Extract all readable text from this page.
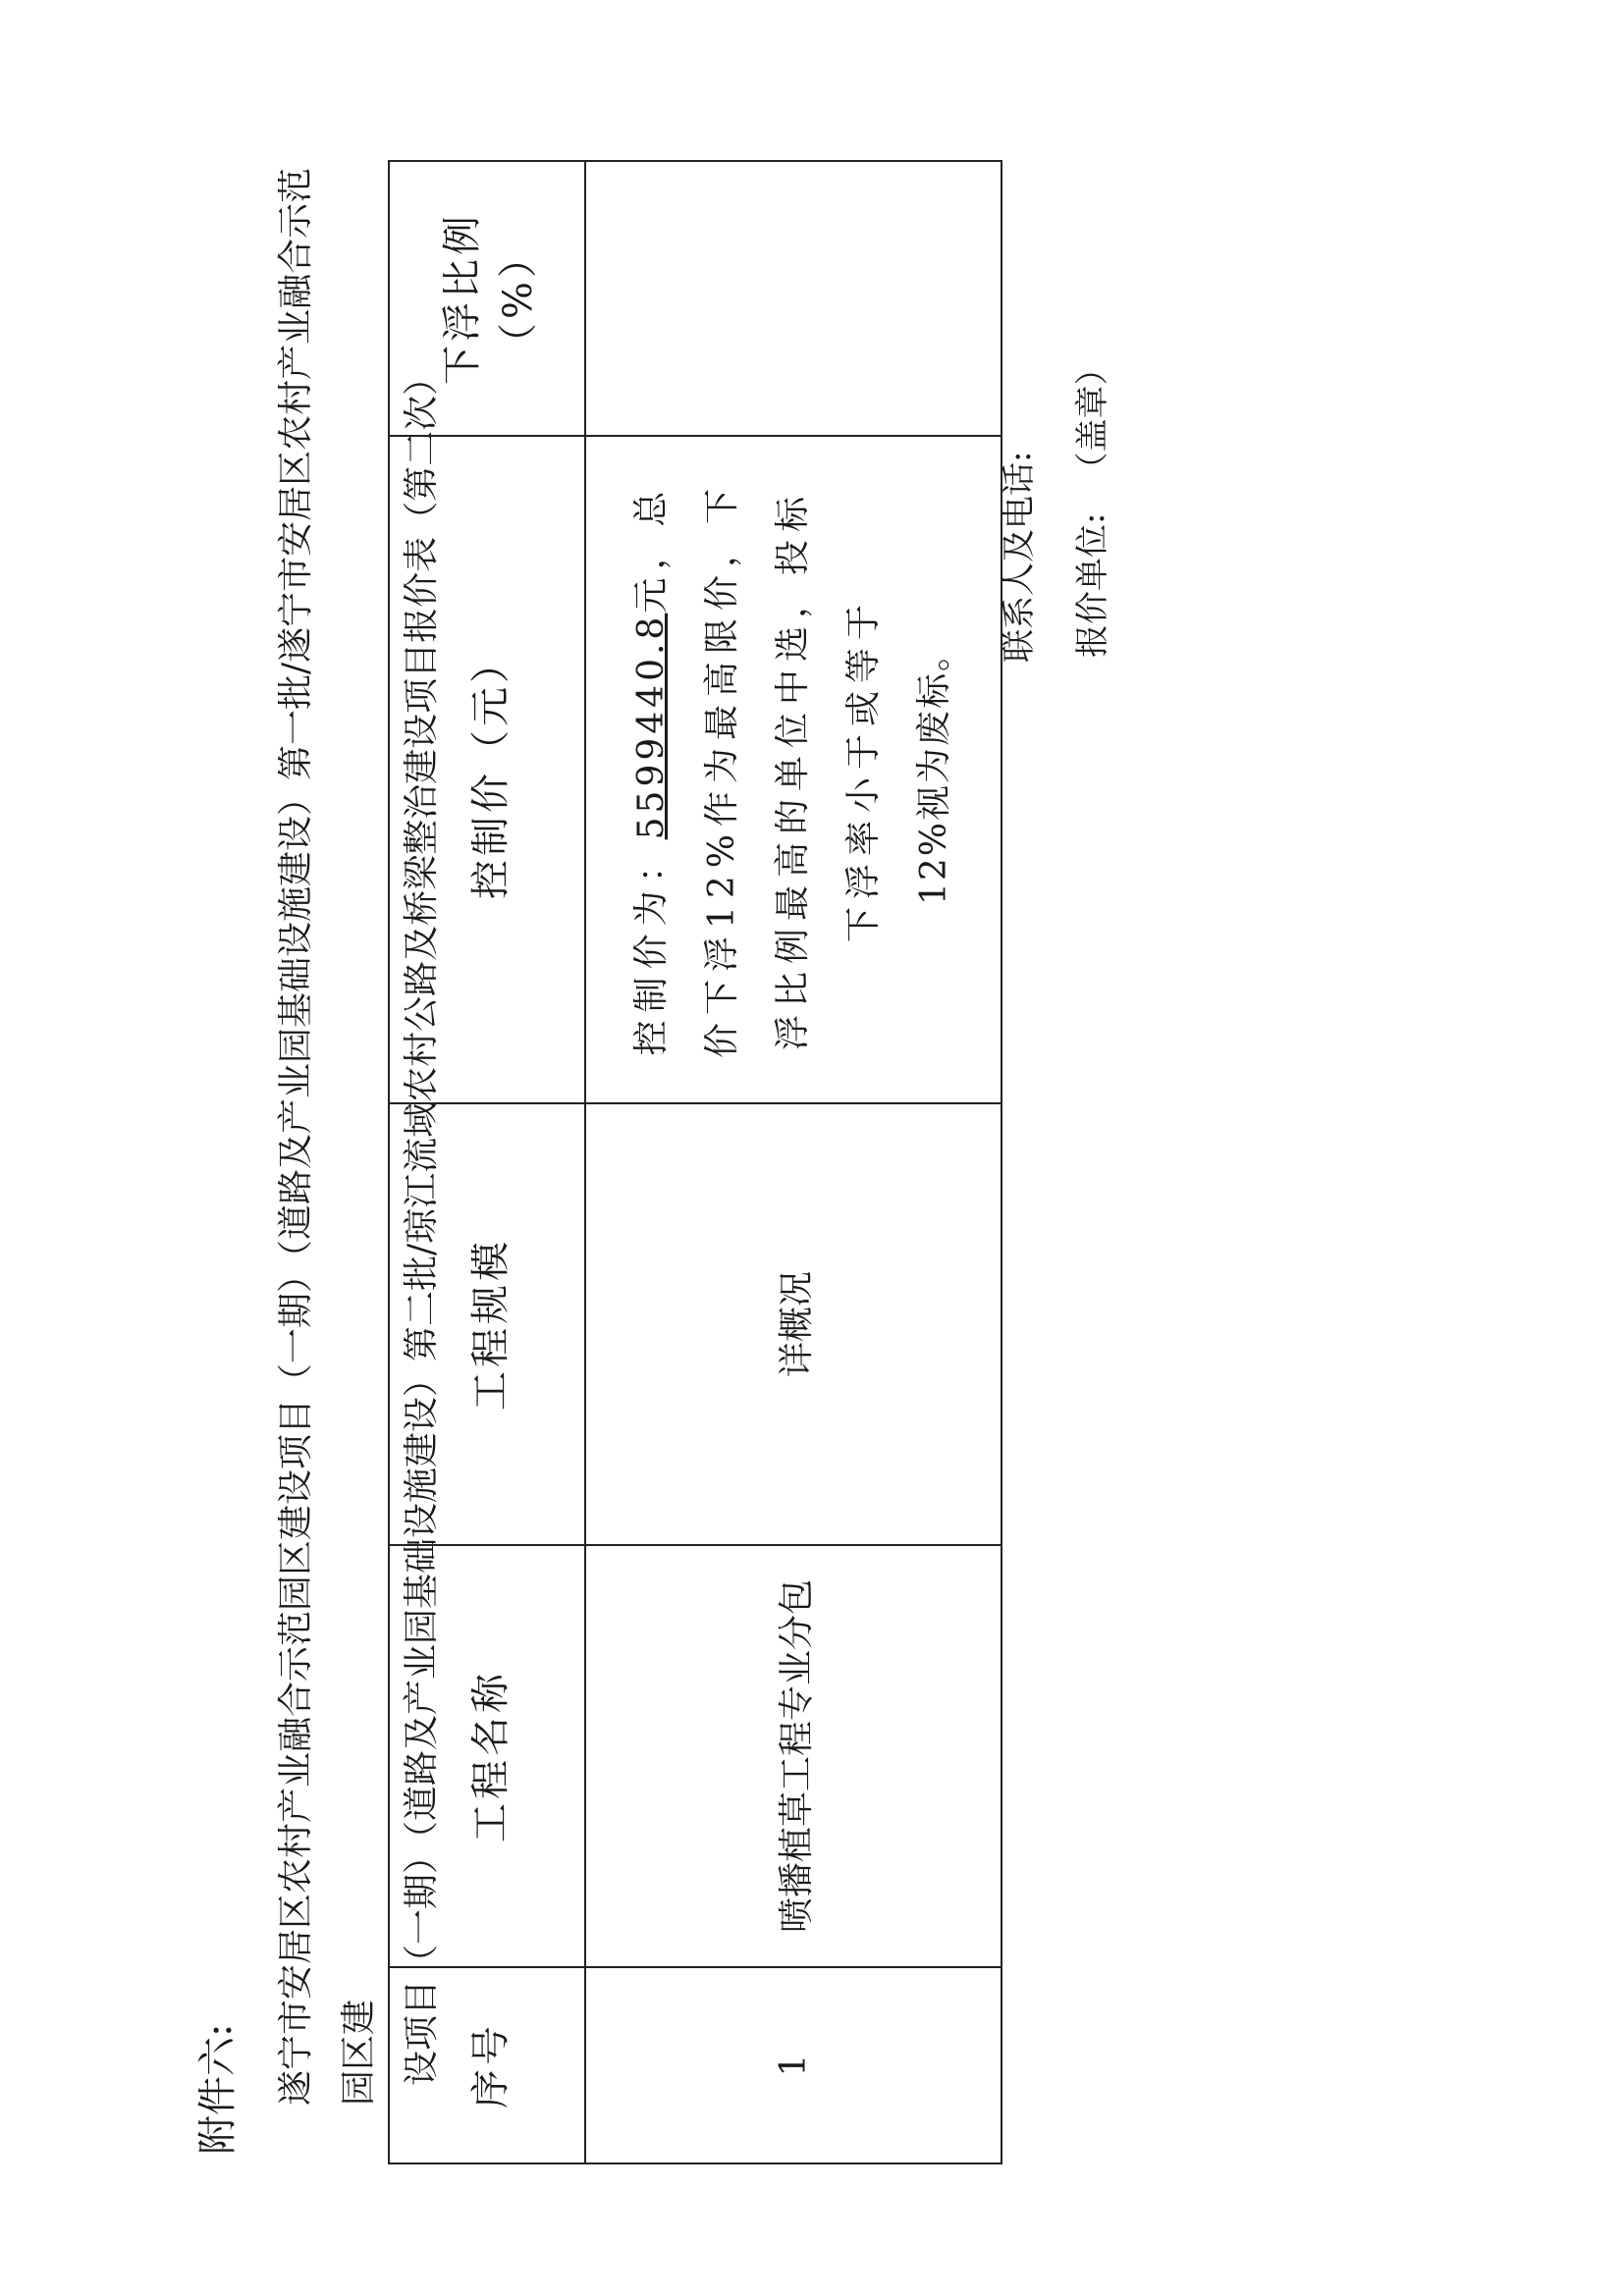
附件六:	遂宁市安居区农村产业融合示范园区建设项目（一期）（道路及产业园基础设施建设）第一批/遂宁市安居区农村产业融合示范园区建 设项目（一期）（道路及产业园基础设施建设）第二批/琼江流域农村公路及桥梁整治建设项目报价表（第二次） 序号	工程名称	工程规模	控制价（元）	下浮比例（%）
1	喷播植草工程专业分包	详概况	控制价为：5599440.8元，总价下浮12%作为最高限价，下浮比例最高的单位中选，投标下浮率小于或等于 12%视为废标。	

联系人及电话: 报价单位:（盖章）
